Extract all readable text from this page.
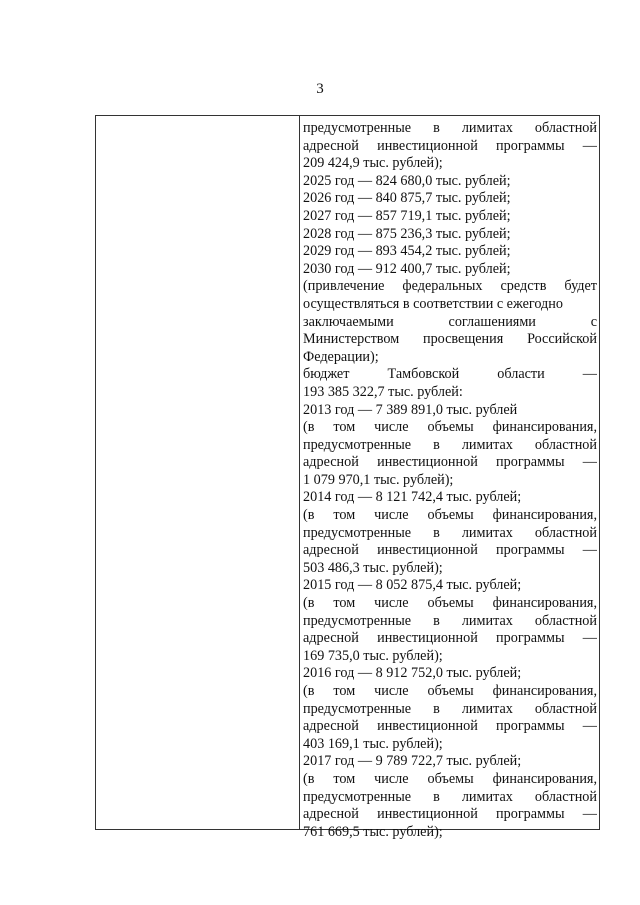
3
предусмотренные в лимитах областной
адресной инвестиционной программы —
209 424,9 тыс. рублей);
2025 год — 824 680,0 тыс. рублей;
2026 год — 840 875,7 тыс. рублей;
2027 год — 857 719,1 тыс. рублей;
2028 год — 875 236,3 тыс. рублей;
2029 год — 893 454,2 тыс. рублей;
2030 год — 912 400,7 тыс. рублей;
(привлечение федеральных средств будет
осуществляться в соответствии с ежегодно
заключаемыми соглашениями с
Министерством просвещения Российской
Федерации);
бюджет Тамбовской области —
193 385 322,7 тыс. рублей:
2013 год — 7 389 891,0 тыс. рублей
(в том числе объемы финансирования,
предусмотренные в лимитах областной
адресной инвестиционной программы —
1 079 970,1 тыс. рублей);
2014 год — 8 121 742,4 тыс. рублей;
(в том числе объемы финансирования,
предусмотренные в лимитах областной
адресной инвестиционной программы —
503 486,3 тыс. рублей);
2015 год — 8 052 875,4 тыс. рублей;
(в том числе объемы финансирования,
предусмотренные в лимитах областной
адресной инвестиционной программы —
169 735,0 тыс. рублей);
2016 год — 8 912 752,0 тыс. рублей;
(в том числе объемы финансирования,
предусмотренные в лимитах областной
адресной инвестиционной программы —
403 169,1 тыс. рублей);
2017 год — 9 789 722,7 тыс. рублей;
(в том числе объемы финансирования,
предусмотренные в лимитах областной
адресной инвестиционной программы —
761 669,5 тыс. рублей);
